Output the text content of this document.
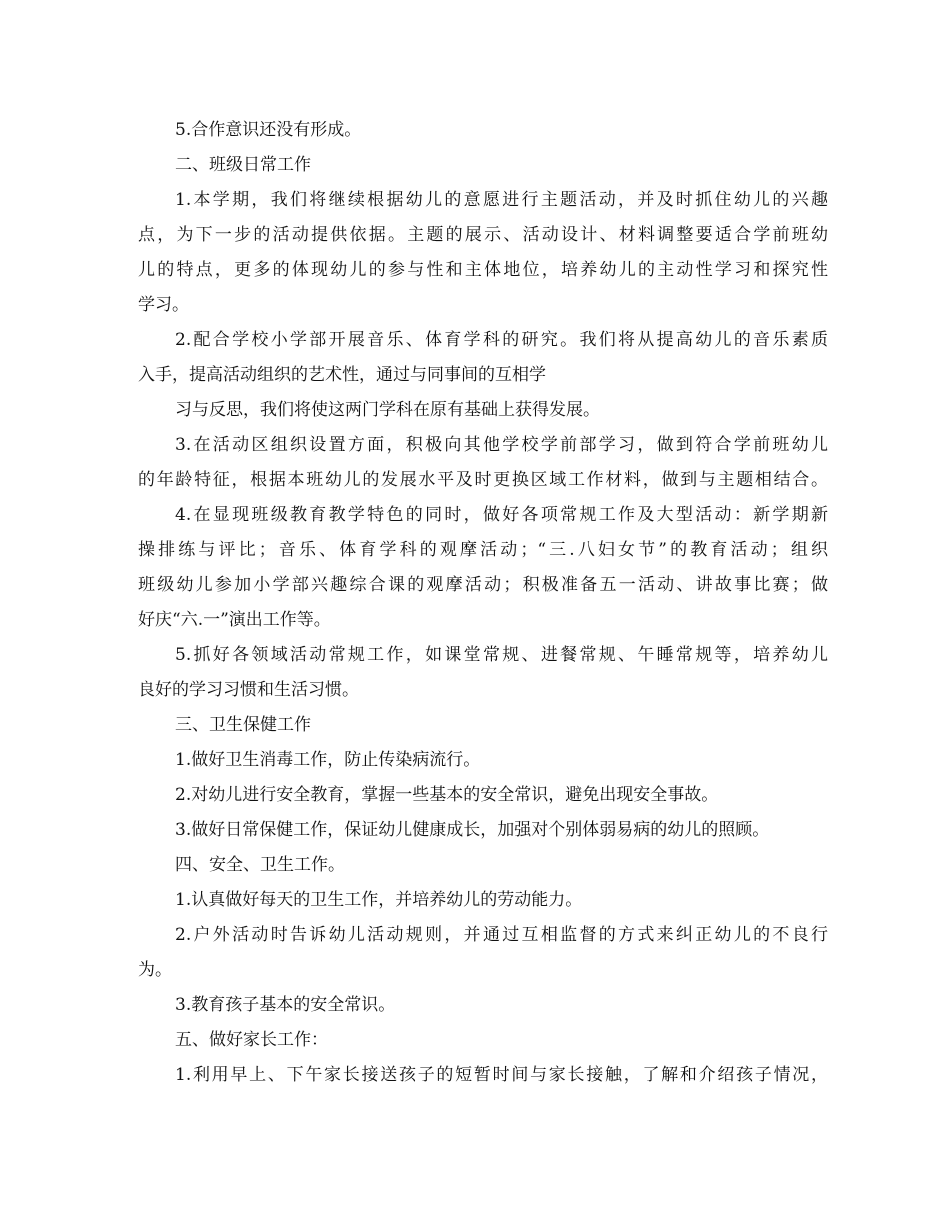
5.合作意识还没有形成。
二、班级日常工作
1.本学期，我们将继续根据幼儿的意愿进行主题活动，并及时抓住幼儿的兴趣
点，为下一步的活动提供依据。主题的展示、活动设计、材料调整要适合学前班幼
儿的特点，更多的体现幼儿的参与性和主体地位，培养幼儿的主动性学习和探究性
学习。
2.配合学校小学部开展音乐、体育学科的研究。我们将从提高幼儿的音乐素质
入手，提高活动组织的艺术性，通过与同事间的互相学
习与反思，我们将使这两门学科在原有基础上获得发展。
3.在活动区组织设置方面，积极向其他学校学前部学习，做到符合学前班幼儿
的年龄特征，根据本班幼儿的发展水平及时更换区域工作材料，做到与主题相结合。
4.在显现班级教育教学特色的同时，做好各项常规工作及大型活动：新学期新
操排练与评比；音乐、体育学科的观摩活动；“三.八妇女节”的教育活动；组织
班级幼儿参加小学部兴趣综合课的观摩活动；积极准备五一活动、讲故事比赛；做
好庆“六.一”演出工作等。
5.抓好各领域活动常规工作，如课堂常规、进餐常规、午睡常规等，培养幼儿
良好的学习习惯和生活习惯。
三、卫生保健工作
1.做好卫生消毒工作，防止传染病流行。
2.对幼儿进行安全教育，掌握一些基本的安全常识，避免出现安全事故。
3.做好日常保健工作，保证幼儿健康成长，加强对个别体弱易病的幼儿的照顾。
四、安全、卫生工作。
1.认真做好每天的卫生工作，并培养幼儿的劳动能力。
2.户外活动时告诉幼儿活动规则，并通过互相监督的方式来纠正幼儿的不良行
为。
3.教育孩子基本的安全常识。
五、做好家长工作：
1.利用早上、下午家长接送孩子的短暂时间与家长接触，了解和介绍孩子情况，
